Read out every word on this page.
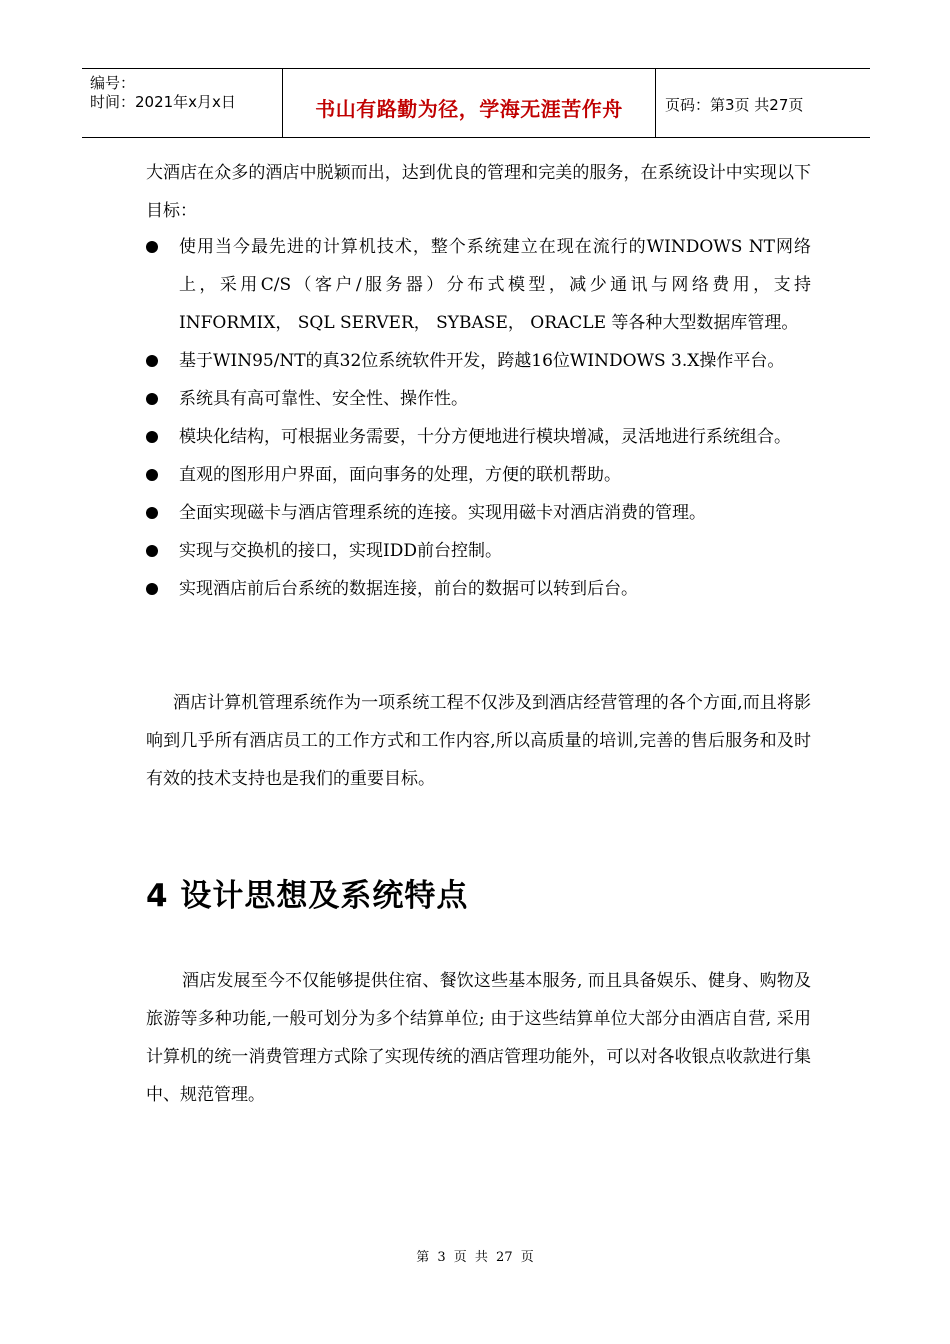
编号：
时间：2021年x月x日	书山有路勤为径，学海无涯苦作舟	页码：第3页 共27页
大酒店在众多的酒店中脱颖而出，达到优良的管理和完美的服务，在系统设计中实现以下目标：
使用当今最先进的计算机技术，整个系统建立在现在流行的WINDOWS NT网络上，采用C/S（客户/服务器）分布式模型，减少通讯与网络费用，支持 INFORMIX， SQL SERVER， SYBASE， ORACLE 等各种大型数据库管理。
基于WIN95/NT的真32位系统软件开发，跨越16位WINDOWS 3.X操作平台。
系统具有高可靠性、安全性、操作性。
模块化结构，可根据业务需要，十分方便地进行模块增减，灵活地进行系统组合。
直观的图形用户界面，面向事务的处理，方便的联机帮助。
全面实现磁卡与酒店管理系统的连接。实现用磁卡对酒店消费的管理。
实现与交换机的接口，实现IDD前台控制。
实现酒店前后台系统的数据连接，前台的数据可以转到后台。
酒店计算机管理系统作为一项系统工程不仅涉及到酒店经营管理的各个方面,而且将影响到几乎所有酒店员工的工作方式和工作内容,所以高质量的培训,完善的售后服务和及时有效的技术支持也是我们的重要目标。
4 设计思想及系统特点
酒店发展至今不仅能够提供住宿、餐饮这些基本服务, 而且具备娱乐、健身、购物及旅游等多种功能,一般可划分为多个结算单位; 由于这些结算单位大部分由酒店自营, 采用计算机的统一消费管理方式除了实现传统的酒店管理功能外，可以对各收银点收款进行集中、规范管理。
第 3 页 共 27 页
